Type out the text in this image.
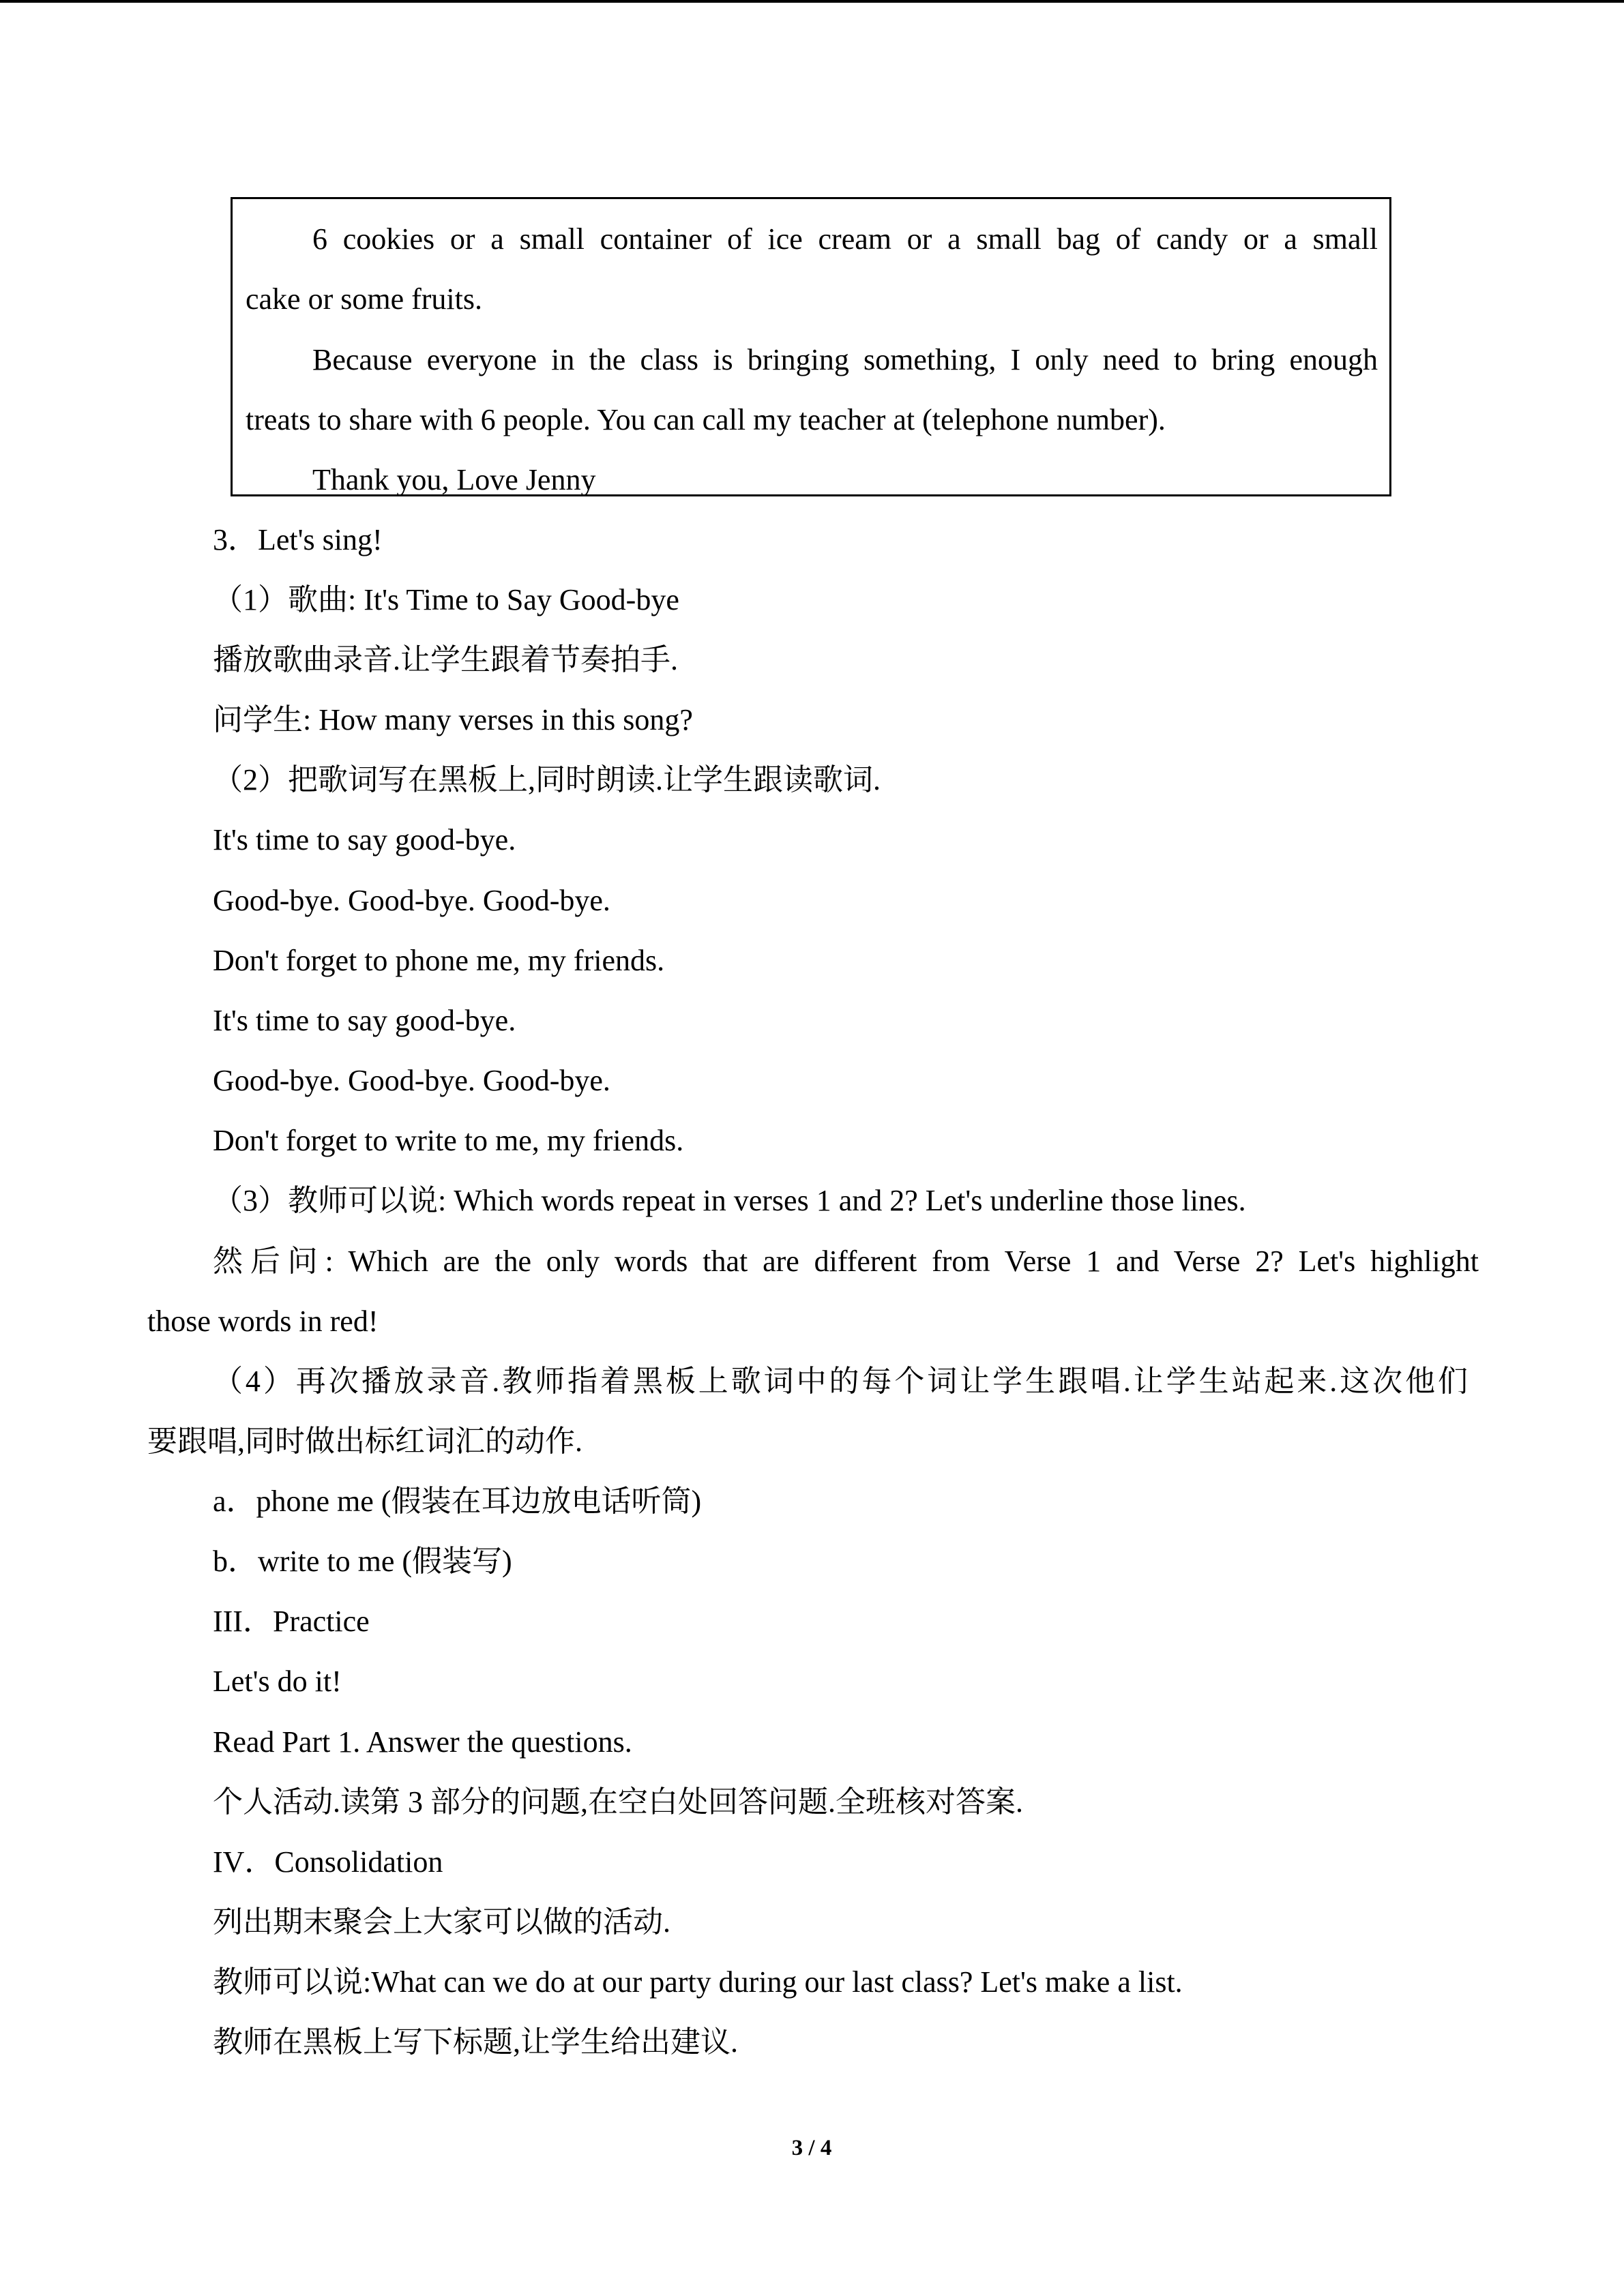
6 cookies or a small container of ice cream or a small bag of candy or a small
cake or some fruits.
Because everyone in the class is bringing something, I only need to bring enough
treats to share with 6 people. You can call my teacher at (telephone number).
Thank you, Love Jenny
3．Let's sing!
（1）歌曲: It's Time to Say Good-bye
播放歌曲录音.让学生跟着节奏拍手.
问学生: How many verses in this song?
（2）把歌词写在黑板上,同时朗读.让学生跟读歌词.
It's time to say good-bye.
Good-bye. Good-bye. Good-bye.
Don't forget to phone me, my friends.
It's time to say good-bye.
Good-bye. Good-bye. Good-bye.
Don't forget to write to me, my friends.
（3）教师可以说: Which words repeat in verses 1 and 2? Let's underline those lines.
然后问: Which are the only words that are different from Verse 1 and Verse 2? Let's highlight
those words in red!
（4）再次播放录音.教师指着黑板上歌词中的每个词让学生跟唱.让学生站起来.这次他们
要跟唱,同时做出标红词汇的动作.
a．phone me (假装在耳边放电话听筒)
b．write to me (假装写)
III．Practice
Let's do it!
Read Part 1. Answer the questions.
个人活动.读第 3 部分的问题,在空白处回答问题.全班核对答案.
IV．Consolidation
列出期末聚会上大家可以做的活动.
教师可以说:What can we do at our party during our last class? Let's make a list.
教师在黑板上写下标题,让学生给出建议.
3 / 4
